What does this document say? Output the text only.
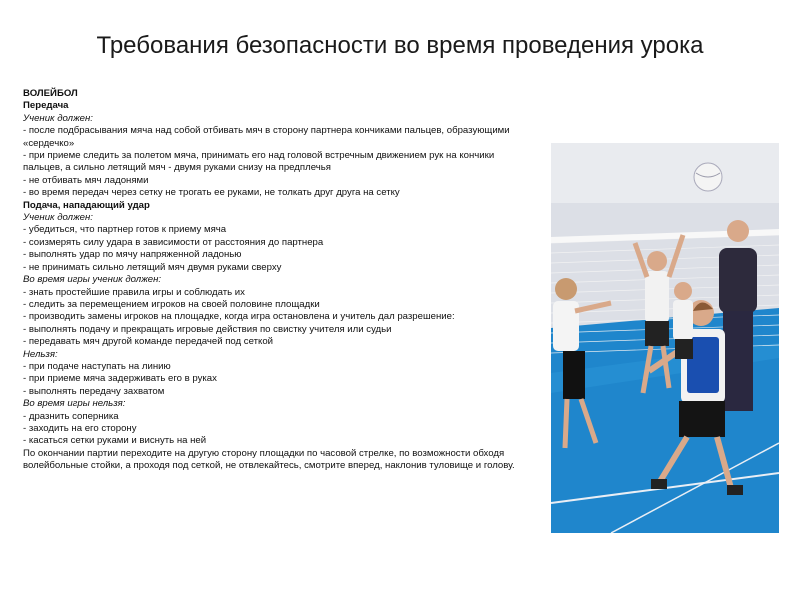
Требования безопасности во время проведения урока
ВОЛЕЙБОЛ
Передача
Ученик должен:
- после подбрасывания мяча над собой отбивать мяч в сторону партнера кончиками пальцев, образующими «сердечко»
- при приеме следить за полетом мяча, принимать его над головой встречным движением рук на кончики пальцев, а сильно летящий мяч - двумя руками снизу на предплечья
- не отбивать мяч ладонями
- во время передач через сетку не трогать ее руками, не толкать друг друга на сетку
Подача, нападающий удар
Ученик должен:
- убедиться, что партнер готов к приему мяча
- соизмерять силу удара в зависимости от расстояния до партнера
- выполнять удар по мячу напряженной ладонью
- не принимать сильно летящий мяч двумя руками сверху
Во время игры ученик должен:
- знать простейшие правила игры и соблюдать их
- следить за перемещением игроков на своей половине площадки
- производить замены игроков на площадке, когда игра остановлена и учитель дал разрешение:
- выполнять подачу и прекращать игровые действия по свистку учителя или судьи
- передавать мяч другой команде передачей под сеткой
Нельзя:
- при подаче наступать на линию
- при приеме мяча задерживать его в руках
- выполнять передачу захватом
Во время игры нельзя:
- дразнить соперника
- заходить на его сторону
- касаться сетки руками и виснуть на ней
По окончании партии переходите на другую сторону площадки по часовой стрелке, по возможности обходя волейбольные стойки, а проходя под сеткой, не отвлекайтесь, смотрите вперед, наклонив туловище и голову.
